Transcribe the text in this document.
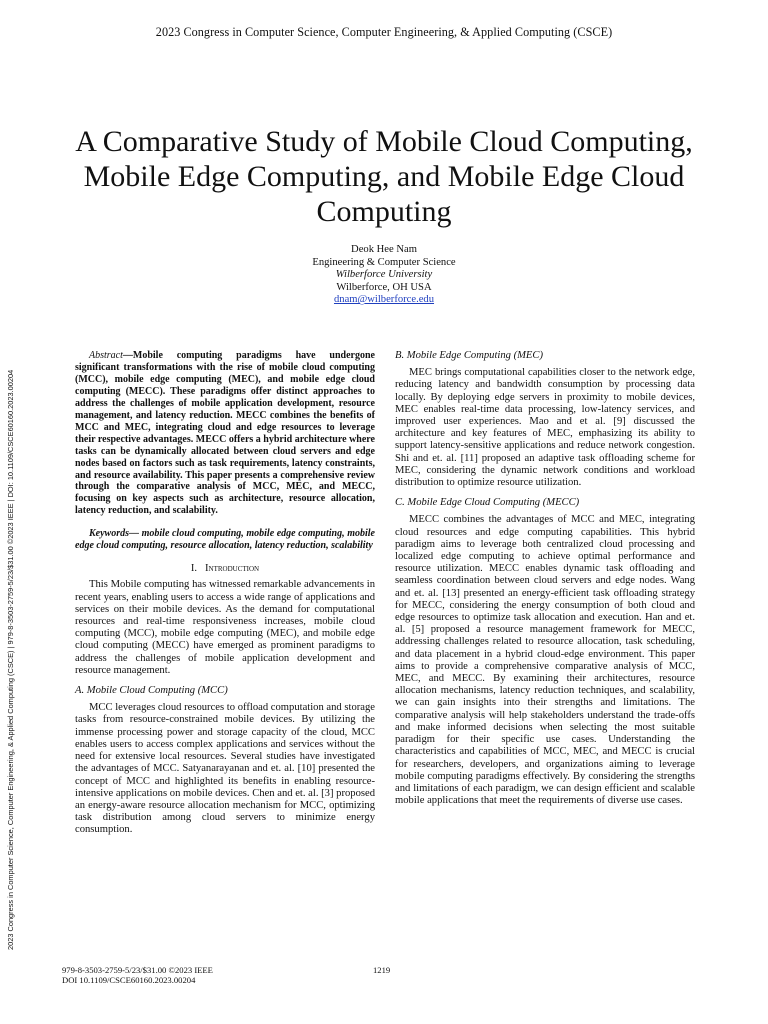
2023 Congress in Computer Science, Computer Engineering, & Applied Computing (CSCE)
2023 Congress in Computer Science, Computer Engineering, & Applied Computing (CSCE) | 979-8-3503-2759-5/23/$31.00 ©2023 IEEE | DOI: 10.1109/CSCE60160.2023.00204
A Comparative Study of Mobile Cloud Computing, Mobile Edge Computing, and Mobile Edge Cloud Computing
Deok Hee Nam
Engineering & Computer Science
Wilberforce University
Wilberforce, OH USA
dnam@wilberforce.edu

Abstract—Mobile computing paradigms have undergone significant transformations with the rise of mobile cloud computing (MCC), mobile edge computing (MEC), and mobile edge cloud computing (MECC). These paradigms offer distinct approaches to address the challenges of mobile application development, resource management, and latency reduction. MECC combines the benefits of MCC and MEC, integrating cloud and edge resources to leverage their respective advantages. MECC offers a hybrid architecture where tasks can be dynamically allocated between cloud servers and edge nodes based on factors such as task requirements, latency constraints, and resource availability. This paper presents a comprehensive review through the comparative analysis of MCC, MEC, and MECC, focusing on key aspects such as architecture, resource allocation, latency reduction, and scalability.

Keywords— mobile cloud computing, mobile edge computing, mobile edge cloud computing, resource allocation, latency reduction, scalability

I. Introduction

This Mobile computing has witnessed remarkable advancements in recent years, enabling users to access a wide range of applications and services on their mobile devices. As the demand for computational resources and real-time responsiveness increases, mobile cloud computing (MCC), mobile edge computing (MEC), and mobile edge cloud computing (MECC) have emerged as prominent paradigms to address the challenges of mobile application development and resource management.

A. Mobile Cloud Computing (MCC)

MCC leverages cloud resources to offload computation and storage tasks from resource-constrained mobile devices. By utilizing the immense processing power and storage capacity of the cloud, MCC enables users to access complex applications and services without the need for extensive local resources. Several studies have investigated the advantages of MCC. Satyanarayanan and et. al. [10] presented the concept of MCC and highlighted its benefits in enabling resource-intensive applications on mobile devices. Chen and et. al. [3] proposed an energy-aware resource allocation mechanism for MCC, optimizing task distribution among cloud servers to minimize energy consumption.

B. Mobile Edge Computing (MEC)

MEC brings computational capabilities closer to the network edge, reducing latency and bandwidth consumption by processing data locally. By deploying edge servers in proximity to mobile devices, MEC enables real-time data processing, low-latency services, and improved user experiences. Mao and et al. [9] discussed the architecture and key features of MEC, emphasizing its ability to support latency-sensitive applications and reduce network congestion. Shi and et. al. [11] proposed an adaptive task offloading scheme for MEC, considering the dynamic network conditions and workload distribution to optimize resource utilization.

C. Mobile Edge Cloud Computing (MECC)

MECC combines the advantages of MCC and MEC, integrating cloud resources and edge computing capabilities. This hybrid paradigm aims to leverage both centralized cloud processing and localized edge computing to achieve optimal performance and resource utilization. MECC enables dynamic task offloading and seamless coordination between cloud servers and edge nodes. Wang and et. al. [13] presented an energy-efficient task offloading strategy for MECC, considering the energy consumption of both cloud and edge resources to optimize task allocation and execution. Han and et. al. [5] proposed a resource management framework for MECC, addressing challenges related to resource allocation, task scheduling, and data placement in a hybrid cloud-edge environment. This paper aims to provide a comprehensive comparative analysis of MCC, MEC, and MECC. By examining their architectures, resource allocation mechanisms, latency reduction techniques, and scalability, we can gain insights into their strengths and limitations. The comparative analysis will help stakeholders understand the trade-offs and make informed decisions when selecting the most suitable paradigm for their specific use cases. Understanding the characteristics and capabilities of MCC, MEC, and MECC is crucial for researchers, developers, and organizations aiming to leverage mobile computing paradigms effectively. By considering the strengths and limitations of each paradigm, we can design efficient and scalable mobile applications that meet the requirements of diverse use cases.

979-8-3503-2759-5/23/$31.00 ©2023 IEEE
DOI 10.1109/CSCE60160.2023.00204
1219
